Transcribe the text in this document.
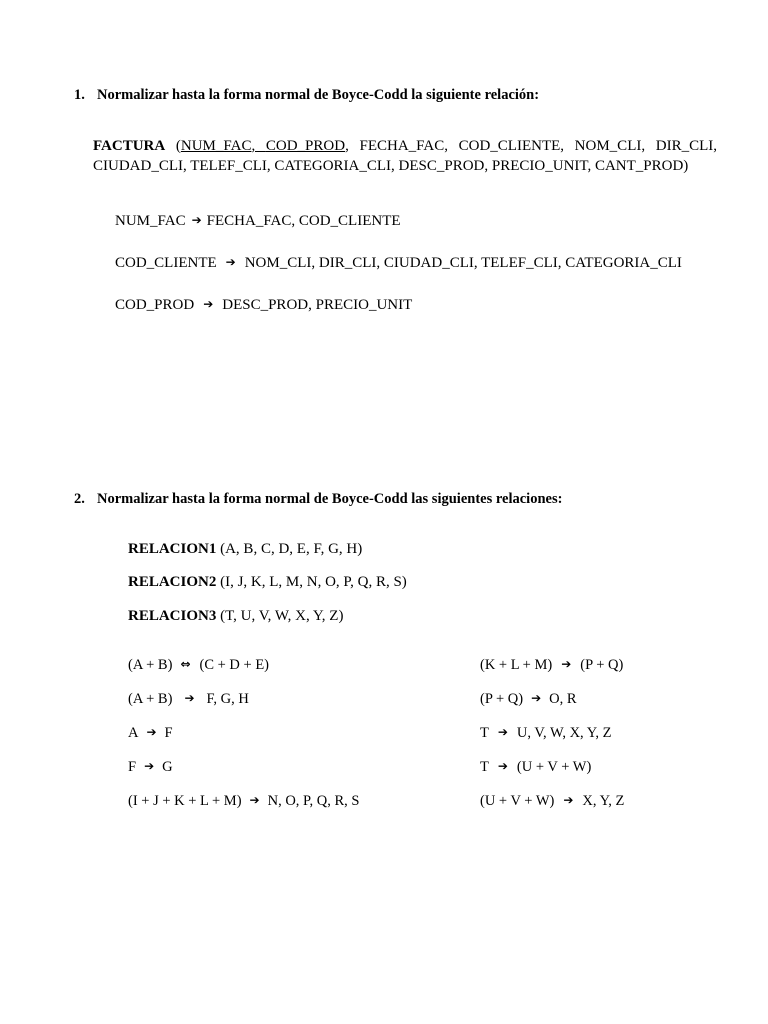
1. Normalizar hasta la forma normal de Boyce-Codd la siguiente relación:
FACTURA (NUM_FAC, COD_PROD, FECHA_FAC, COD_CLIENTE, NOM_CLI, DIR_CLI, CIUDAD_CLI, TELEF_CLI, CATEGORIA_CLI, DESC_PROD, PRECIO_UNIT, CANT_PROD)
NUM_FAC ➔ FECHA_FAC, COD_CLIENTE
COD_CLIENTE ➔ NOM_CLI, DIR_CLI, CIUDAD_CLI, TELEF_CLI, CATEGORIA_CLI
COD_PROD ➔ DESC_PROD, PRECIO_UNIT
2. Normalizar hasta la forma normal de Boyce-Codd las siguientes relaciones:
RELACION1 (A, B, C, D, E, F, G, H)
RELACION2 (I, J, K, L, M, N, O, P, Q, R, S)
RELACION3 (T, U, V, W, X, Y, Z)
(A + B) ⇔ (C + D + E)
(A + B) ➔ F, G, H
A ➔ F
F ➔ G
(I + J + K + L + M) ➔ N, O, P, Q, R, S
(K + L + M) ➔ (P + Q)
(P + Q) ➔ O, R
T ➔ U, V, W, X, Y, Z
T ➔ (U + V + W)
(U + V + W) ➔ X, Y, Z
